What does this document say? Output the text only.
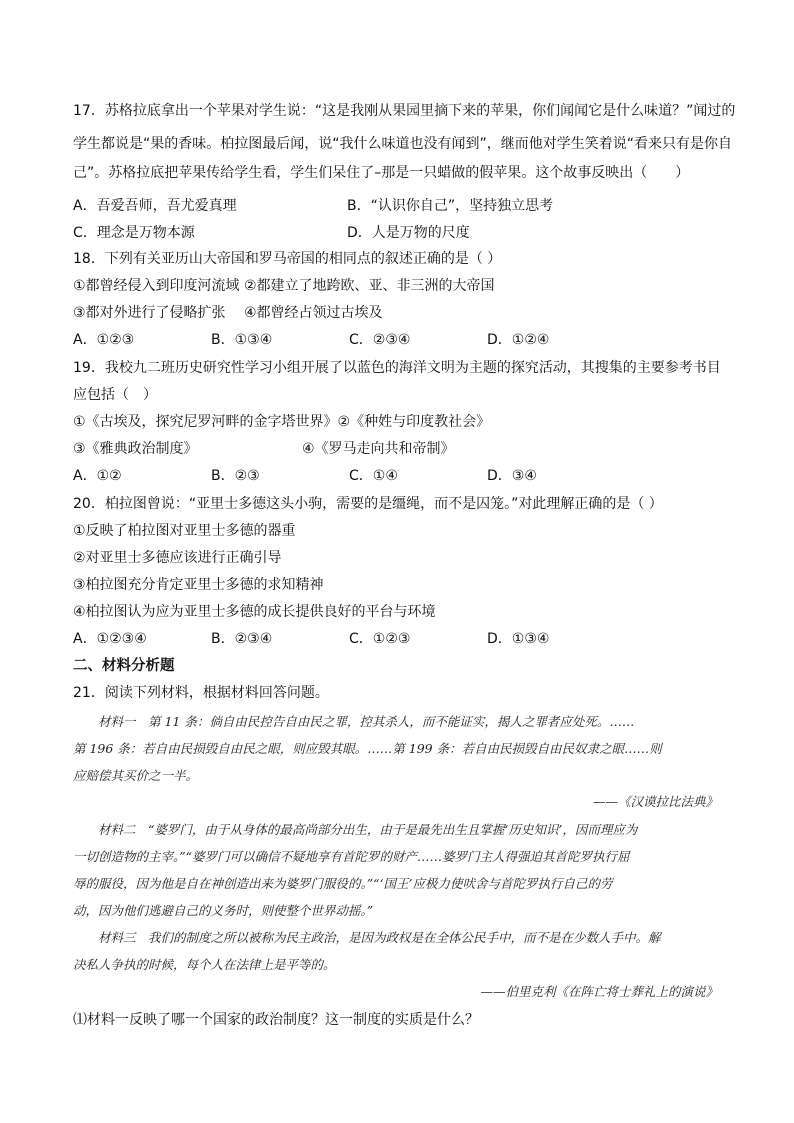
17．苏格拉底拿出一个苹果对学生说：“这是我刚从果园里摘下来的苹果，你们闻闻它是什么味道？”闻过的
学生都说是“果的香味。柏拉图最后闻，说“我什么味道也没有闻到”，继而他对学生笑着说“看来只有是你自
己”。苏格拉底把苹果传给学生看，学生们呆住了–那是一只蜡做的假苹果。这个故事反映出（　　）
A．吾爱吾师，吾尤爱真理	B．“认识你自己”，坚持独立思考
C．理念是万物本源	D．人是万物的尺度
18．下列有关亚历山大帝国和罗马帝国的相同点的叙述正确的是（ ）
①都曾经侵入到印度河流域 ②都建立了地跨欧、亚、非三洲的大帝国
③都对外进行了侵略扩张　 ④都曾经占领过古埃及
A．①②③	B．①③④	C．②③④	D．①②④
19．我校九二班历史研究性学习小组开展了以蓝色的海洋文明为主题的探究活动，其搜集的主要参考书目
应包括（　）
①《古埃及，探究尼罗河畔的金字塔世界》②《种姓与印度教社会》
③《雅典政治制度》	④《罗马走向共和帝制》
A．①②	B．②③	C．①④	D．③④
20．柏拉图曾说：“亚里士多德这头小驹，需要的是缰绳，而不是囚笼。”对此理解正确的是（ ）
①反映了柏拉图对亚里士多德的器重
②对亚里士多德应该进行正确引导
③柏拉图充分肯定亚里士多德的求知精神
④柏拉图认为应为亚里士多德的成长提供良好的平台与环境
A．①②③④	B．②③④	C．①②③	D．①③④
二、材料分析题
21．阅读下列材料，根据材料回答问题。
　　材料一　第 11 条：倘自由民控告自由民之罪，控其杀人，而不能证实，揭人之罪者应处死。……
第 196 条：若自由民损毁自由民之眼，则应毁其眼。……第 199 条：若自由民损毁自由民奴隶之眼……则
应赔偿其买价之一半。
——《汉谟拉比法典》
　　材料二　“婆罗门，由于从身体的最高尚部分出生，由于是最先出生且掌握‘历史知识’，因而理应为
一切创造物的主宰。”“婆罗门可以确信不疑地享有首陀罗的财产……婆罗门主人得强迫其首陀罗执行屈
辱的服役，因为他是自在神创造出来为婆罗门服役的。”“‘国王’应极力使吠舍与首陀罗执行自己的劳
动，因为他们逃避自己的义务时，则使整个世界动摇。”
　　材料三　我们的制度之所以被称为民主政治，是因为政权是在全体公民手中，而不是在少数人手中。解
决私人争执的时候，每个人在法律上是平等的。
——伯里克利《在阵亡将士葬礼上的演说》
⑴材料一反映了哪一个国家的政治制度？这一制度的实质是什么？
